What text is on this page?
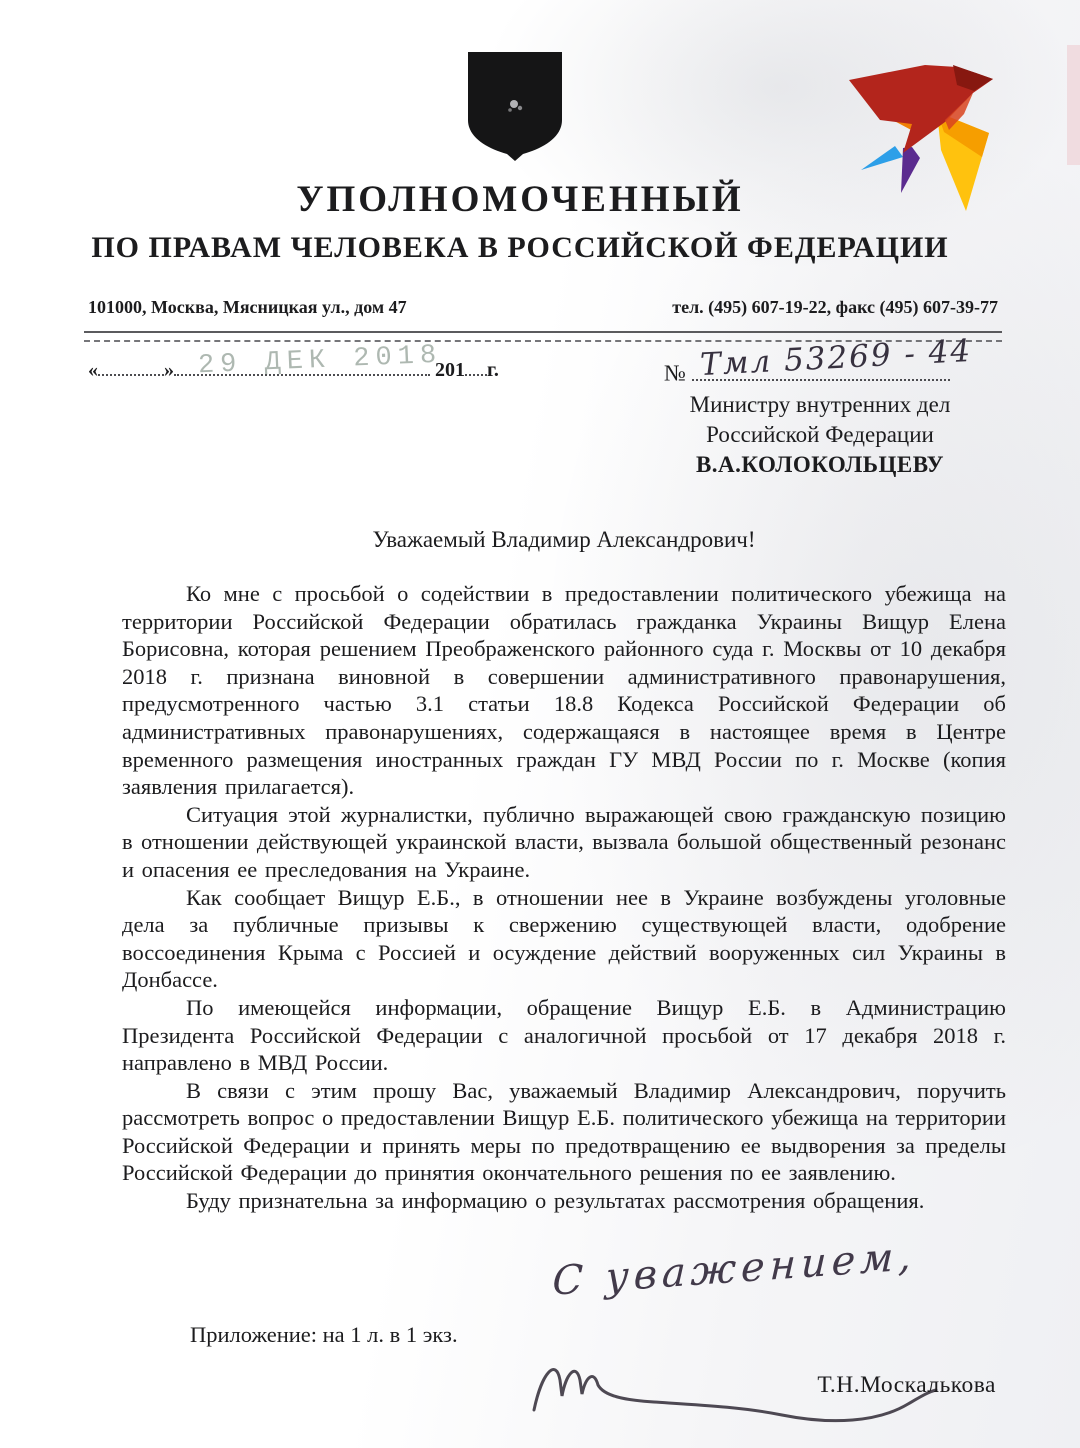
УПОЛНОМОЧЕННЫЙ
ПО ПРАВАМ ЧЕЛОВЕКА В РОССИЙСКОЙ ФЕДЕРАЦИИ
101000, Москва, Мясницкая ул., дом 47	тел. (495) 607-19-22, факс (495) 607-39-77
29 ДЕК 2018
«	»	201 г.	№ Тмл 53269 - 44
Министру внутренних дел
Российской Федерации
В.А.КОЛОКОЛЬЦЕВУ
Уважаемый Владимир Александрович!

Ко мне с просьбой о содействии в предоставлении политического убежища на территории Российской Федерации обратилась гражданка Украины Вищур Елена Борисовна, которая решением Преображенского районного суда г. Москвы от 10 декабря 2018 г. признана виновной в совершении административного правонарушения, предусмотренного частью 3.1 статьи 18.8 Кодекса Российской Федерации об административных правонарушениях, содержащаяся в настоящее время в Центре временного размещения иностранных граждан ГУ МВД России по г. Москве (копия заявления прилагается).

Ситуация этой журналистки, публично выражающей свою гражданскую позицию в отношении действующей украинской власти, вызвала большой общественный резонанс и опасения ее преследования на Украине.

Как сообщает Вищур Е.Б., в отношении нее в Украине возбуждены уголовные дела за публичные призывы к свержению существующей власти, одобрение воссоединения Крыма с Россией и осуждение действий вооруженных сил Украины в Донбассе.

По имеющейся информации, обращение Вищур Е.Б. в Администрацию Президента Российской Федерации с аналогичной просьбой от 17 декабря 2018 г. направлено в МВД России.

В связи с этим прошу Вас, уважаемый Владимир Александрович, поручить рассмотреть вопрос о предоставлении Вищур Е.Б. политического убежища на территории Российской Федерации и принять меры по предотвращению ее выдворения за пределы Российской Федерации до принятия окончательного решения по ее заявлению.

Буду признательна за информацию о результатах рассмотрения обращения.

С уважением,
Приложение: на 1 л. в 1 экз.
Т.Н.Москалькова
